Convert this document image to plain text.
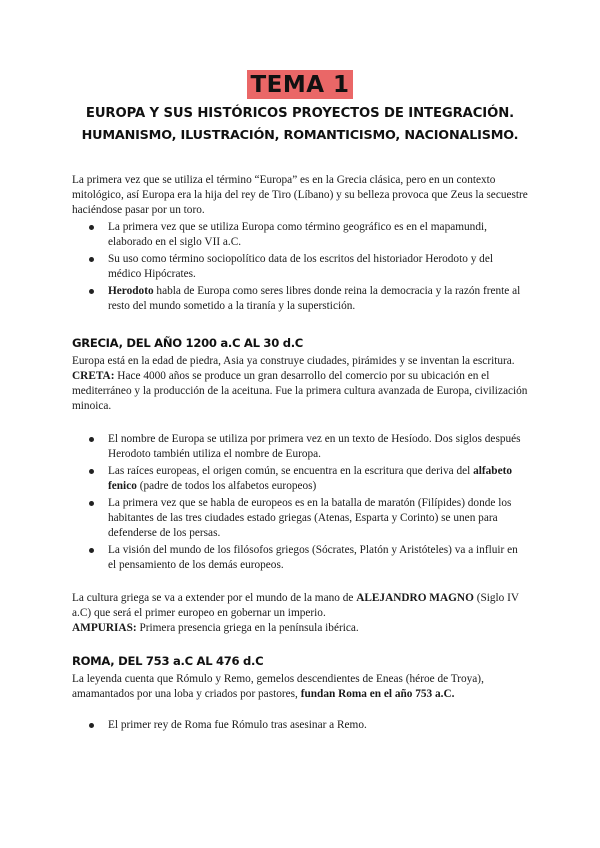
TEMA 1
EUROPA Y SUS HISTÓRICOS PROYECTOS DE INTEGRACIÓN.
HUMANISMO, ILUSTRACIÓN, ROMANTICISMO, NACIONALISMO.

La primera vez que se utiliza el término “Europa” es en la Grecia clásica, pero en un contexto mitológico, así Europa era la hija del rey de Tiro (Líbano) y su belleza provoca que Zeus la secuestre haciéndose pasar por un toro.

La primera vez que se utiliza Europa como término geográfico es en el mapamundi, elaborado en el siglo VII a.C.
Su uso como término sociopolítico data de los escritos del historiador Herodoto y del médico Hipócrates.
Herodoto habla de Europa como seres libres donde reina la democracia y la razón frente al resto del mundo sometido a la tiranía y la superstición.
GRECIA, DEL AÑO 1200 a.C AL 30 d.C

Europa está en la edad de piedra, Asia ya construye ciudades, pirámides y se inventan la escritura.

CRETA: Hace 4000 años se produce un gran desarrollo del comercio por su ubicación en el mediterráneo y la producción de la aceituna. Fue la primera cultura avanzada de Europa, civilización minoica.

El nombre de Europa se utiliza por primera vez en un texto de Hesíodo. Dos siglos después Herodoto también utiliza el nombre de Europa.
Las raíces europeas, el origen común, se encuentra en la escritura que deriva del alfabeto fenico (padre de todos los alfabetos europeos)
La primera vez que se habla de europeos es en la batalla de maratón (Filípides) donde los habitantes de las tres ciudades estado griegas (Atenas, Esparta y Corinto) se unen para defenderse de los persas.
La visión del mundo de los filósofos griegos (Sócrates, Platón y Aristóteles) va a influir en el pensamiento de los demás europeos.

La cultura griega se va a extender por el mundo de la mano de ALEJANDRO MAGNO (Siglo IV a.C) que será el primer europeo en gobernar un imperio.

AMPURIAS: Primera presencia griega en la península ibérica.

ROMA, DEL 753 a.C AL 476 d.C

La leyenda cuenta que Rómulo y Remo, gemelos descendientes de Eneas (héroe de Troya), amamantados por una loba y criados por pastores, fundan Roma en el año 753 a.C.

El primer rey de Roma fue Rómulo tras asesinar a Remo.
